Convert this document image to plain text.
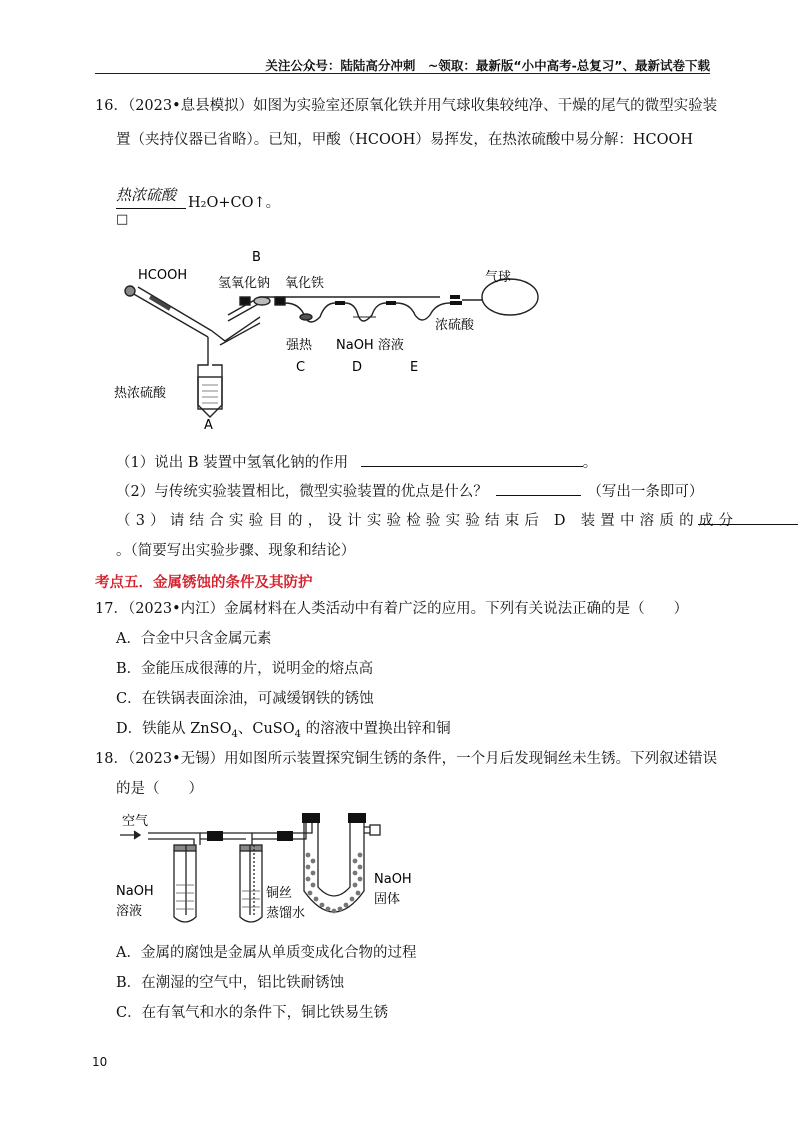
关注公众号：陆陆高分冲刺　~领取：最新版“小中高考-总复习”、最新试卷下载
16．（2023•息县模拟）如图为实验室还原氧化铁并用气球收集较纯净、干燥的尾气的微型实验装
置（夹持仪器已省略）。已知，甲酸（HCOOH）易挥发，在热浓硫酸中易分解：HCOOH
热浓硫酸 H₂O+CO↑。
□
HCOOH
B
氢氧化钠 氧化铁	气球
强热 NaOH 溶液
浓硫酸
C	D	E
热浓硫酸
A
（1）说出 B 装置中氢氧化钠的作用	。
（2）与传统实验装置相比，微型实验装置的优点是什么？	（写出一条即可）
（3）请结合实验目的，设计实验检验实验结束后 D 装置中溶质的成分
。（简要写出实验步骤、现象和结论）
考点五．金属锈蚀的条件及其防护
17．（2023•内江）金属材料在人类活动中有着广泛的应用。下列有关说法正确的是（　　）
A．合金中只含金属元素
B．金能压成很薄的片，说明金的熔点高
C．在铁锅表面涂油，可减缓钢铁的锈蚀
D．铁能从 ZnSO$_4$、CuSO$_4$ 的溶液中置换出锌和铜
18．（2023•无锡）用如图所示装置探究铜生锈的条件，一个月后发现铜丝未生锈。下列叙述错误
的是（　　）
空气
NaOH
溶液
铜丝
蒸馏水
NaOH
固体
A．金属的腐蚀是金属从单质变成化合物的过程
B．在潮湿的空气中，铝比铁耐锈蚀
C．在有氧气和水的条件下，铜比铁易生锈
10
